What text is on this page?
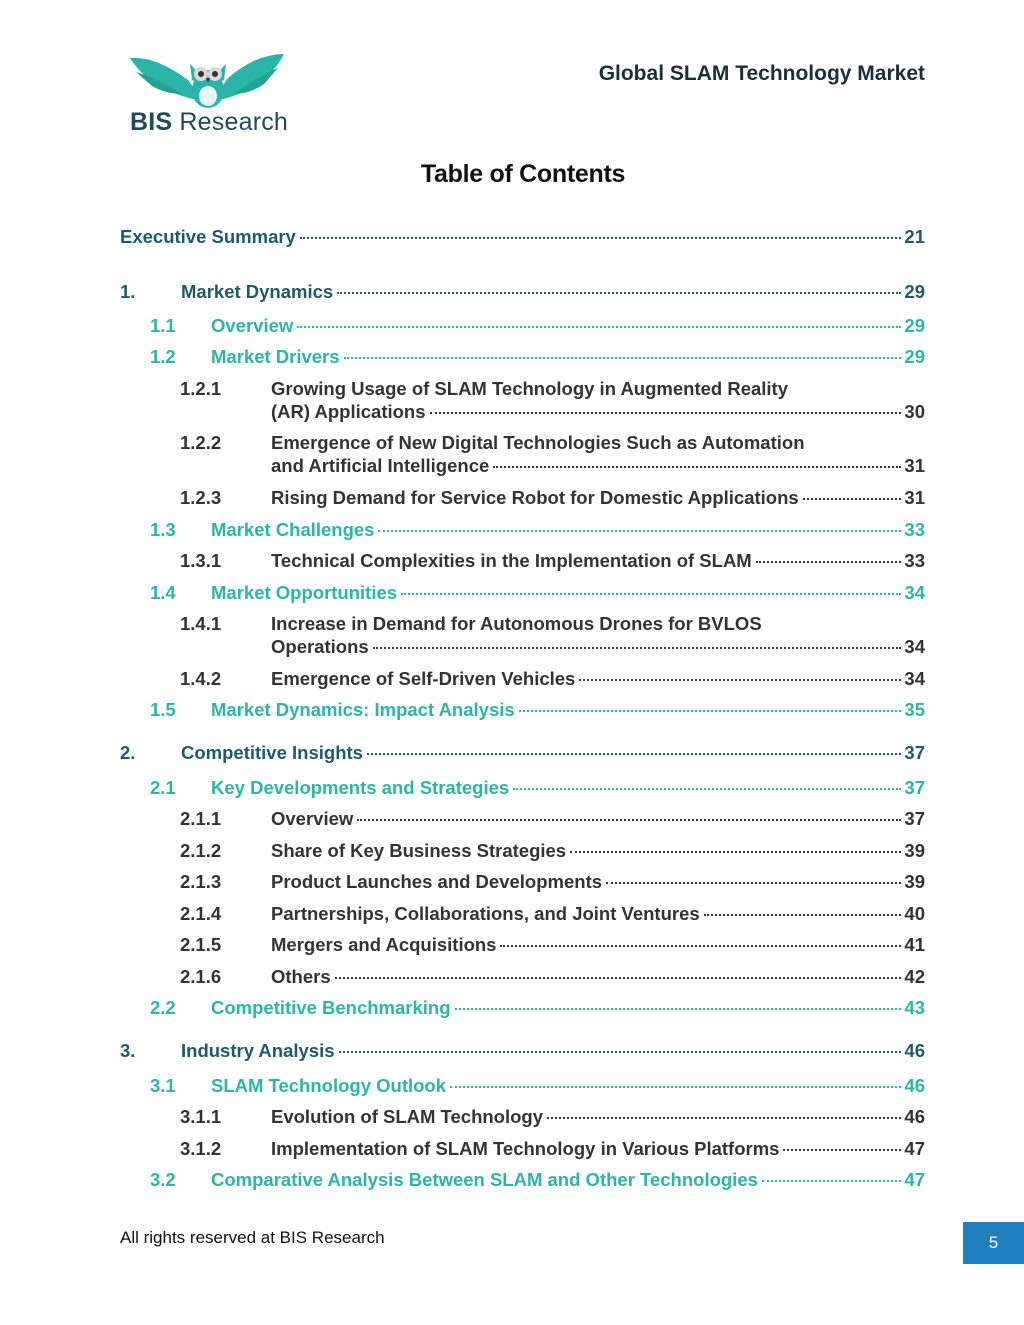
BIS Research
Global SLAM Technology Market
Table of Contents
Executive Summary	21
1.	Market Dynamics	29
1.1	Overview	29
1.2	Market Drivers	29
1.2.1	Growing Usage of SLAM Technology in Augmented Reality
(AR) Applications	30
1.2.2	Emergence of New Digital Technologies Such as Automation
and Artificial Intelligence	31
1.2.3	Rising Demand for Service Robot for Domestic Applications	31
1.3	Market Challenges	33
1.3.1	Technical Complexities in the Implementation of SLAM	33
1.4	Market Opportunities	34
1.4.1	Increase in Demand for Autonomous Drones for BVLOS
Operations	34
1.4.2	Emergence of Self-Driven Vehicles	34
1.5	Market Dynamics: Impact Analysis	35
2.	Competitive Insights	37
2.1	Key Developments and Strategies	37
2.1.1	Overview	37
2.1.2	Share of Key Business Strategies	39
2.1.3	Product Launches and Developments	39
2.1.4	Partnerships, Collaborations, and Joint Ventures	40
2.1.5	Mergers and Acquisitions	41
2.1.6	Others	42
2.2	Competitive Benchmarking	43
3.	Industry Analysis	46
3.1	SLAM Technology Outlook	46
3.1.1	Evolution of SLAM Technology	46
3.1.2	Implementation of SLAM Technology in Various Platforms	47
3.2	Comparative Analysis Between SLAM and Other Technologies	47
All rights reserved at BIS Research	5
